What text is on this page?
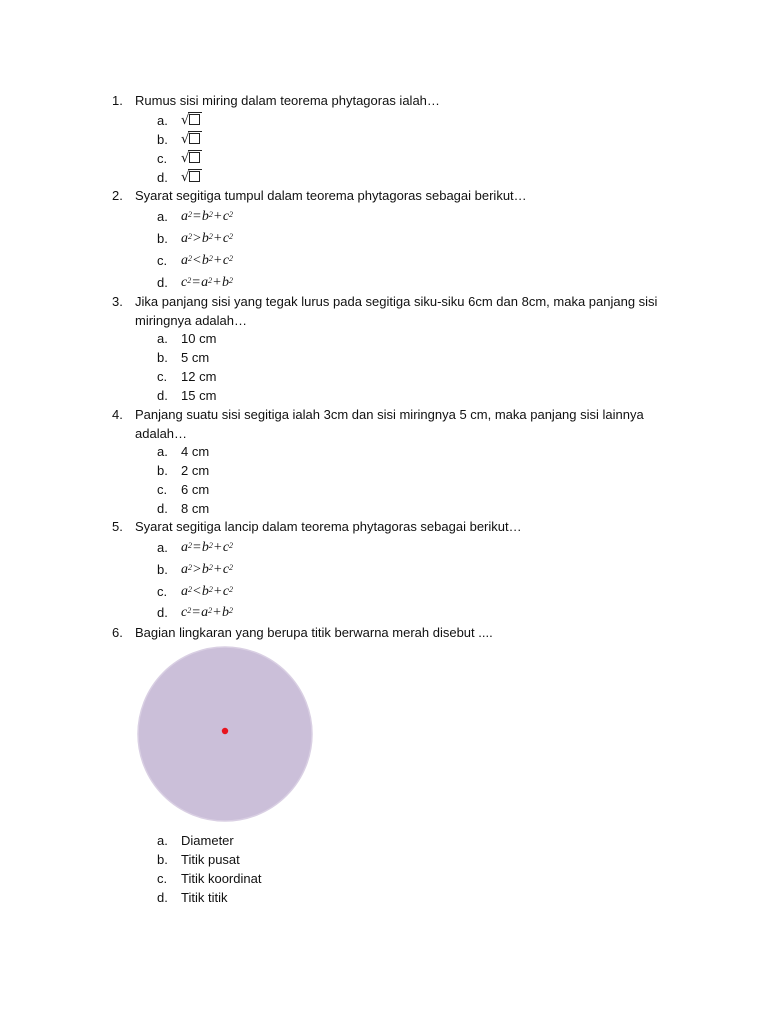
1. Rumus sisi miring dalam teorema phytagoras ialah…
a. √
b. √
c. √
d. √
2. Syarat segitiga tumpul dalam teorema phytagoras sebagai berikut…
a. $a^2=b^2+c^2$
b. $a^2>b^2+c^2$
c. $a^2<b^2+c^2$
d. $c^2=a^2+b^2$
3. Jika panjang sisi yang tegak lurus pada segitiga siku-siku 6cm dan 8cm, maka panjang sisi miringnya adalah…
a. 10 cm
b. 5 cm
c. 12 cm
d. 15 cm
4. Panjang suatu sisi segitiga ialah 3cm dan sisi miringnya 5 cm, maka panjang sisi lainnya adalah…
a. 4 cm
b. 2 cm
c. 6 cm
d. 8 cm
5. Syarat segitiga lancip dalam teorema phytagoras sebagai berikut…
a. $a^2=b^2+c^2$
b. $a^2>b^2+c^2$
c. $a^2<b^2+c^2$
d. $c^2=a^2+b^2$
6. Bagian lingkaran yang berupa titik berwarna merah disebut ....
a. Diameter
b. Titik pusat
c. Titik koordinat
d. Titik titik
